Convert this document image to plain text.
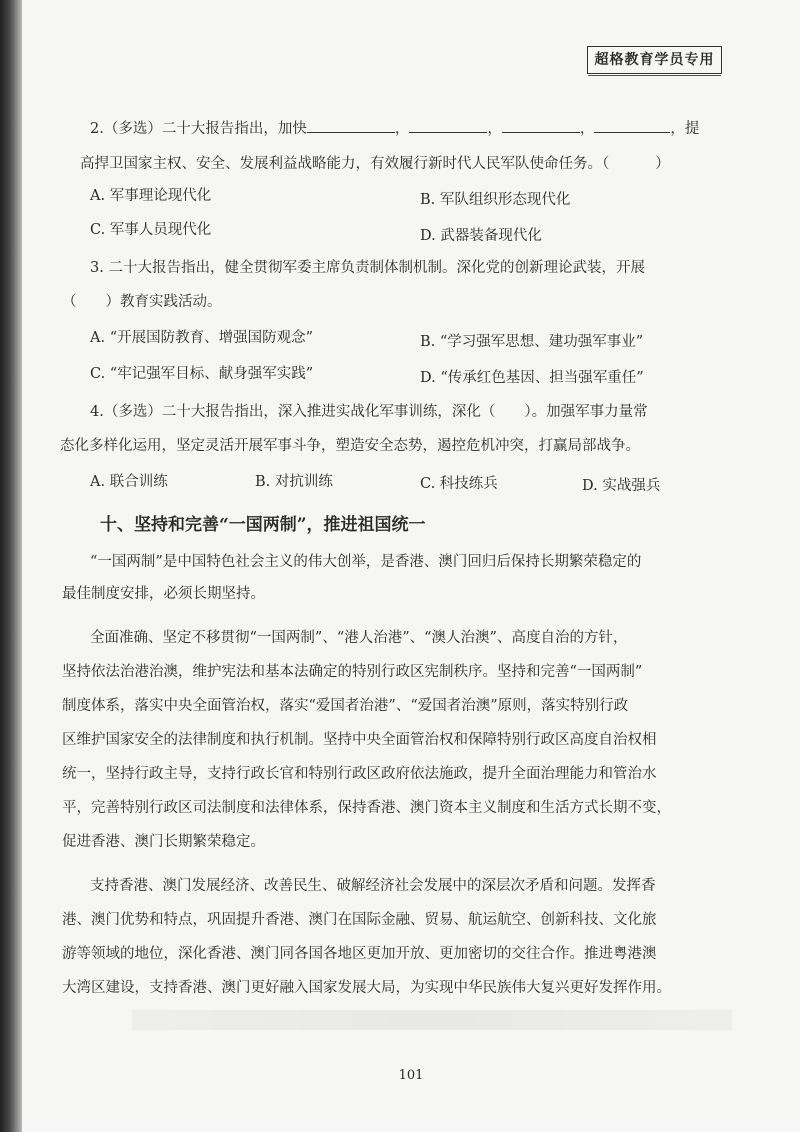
超格教育学员专用
2.（多选）二十大报告指出，加快	，	，	，	，提
高捍卫国家主权、安全、发展利益战略能力，有效履行新时代人民军队使命任务。（	）
A. 军事理论现代化	B. 军队组织形态现代化
C. 军事人员现代化	D. 武器装备现代化
3. 二十大报告指出，健全贯彻军委主席负责制体制机制。深化党的创新理论武装，开展
（　　）教育实践活动。
A. “开展国防教育、增强国防观念”	B. “学习强军思想、建功强军事业”
C. “牢记强军目标、献身强军实践”	D. “传承红色基因、担当强军重任”
4.（多选）二十大报告指出，深入推进实战化军事训练，深化（　　）。加强军事力量常
态化多样化运用，坚定灵活开展军事斗争，塑造安全态势，遏控危机冲突，打赢局部战争。
A. 联合训练	B. 对抗训练	C. 科技练兵	D. 实战强兵
十、坚持和完善“一国两制”，推进祖国统一
“一国两制”是中国特色社会主义的伟大创举，是香港、澳门回归后保持长期繁荣稳定的
最佳制度安排，必须长期坚持。
全面准确、坚定不移贯彻“一国两制”、“港人治港”、“澳人治澳”、高度自治的方针，
坚持依法治港治澳，维护宪法和基本法确定的特别行政区宪制秩序。坚持和完善“一国两制”
制度体系，落实中央全面管治权，落实“爱国者治港”、“爱国者治澳”原则，落实特别行政
区维护国家安全的法律制度和执行机制。坚持中央全面管治权和保障特别行政区高度自治权相
统一，坚持行政主导，支持行政长官和特别行政区政府依法施政，提升全面治理能力和管治水
平，完善特别行政区司法制度和法律体系，保持香港、澳门资本主义制度和生活方式长期不变，
促进香港、澳门长期繁荣稳定。
支持香港、澳门发展经济、改善民生、破解经济社会发展中的深层次矛盾和问题。发挥香
港、澳门优势和特点，巩固提升香港、澳门在国际金融、贸易、航运航空、创新科技、文化旅
游等领域的地位，深化香港、澳门同各国各地区更加开放、更加密切的交往合作。推进粤港澳
大湾区建设，支持香港、澳门更好融入国家发展大局，为实现中华民族伟大复兴更好发挥作用。
101
